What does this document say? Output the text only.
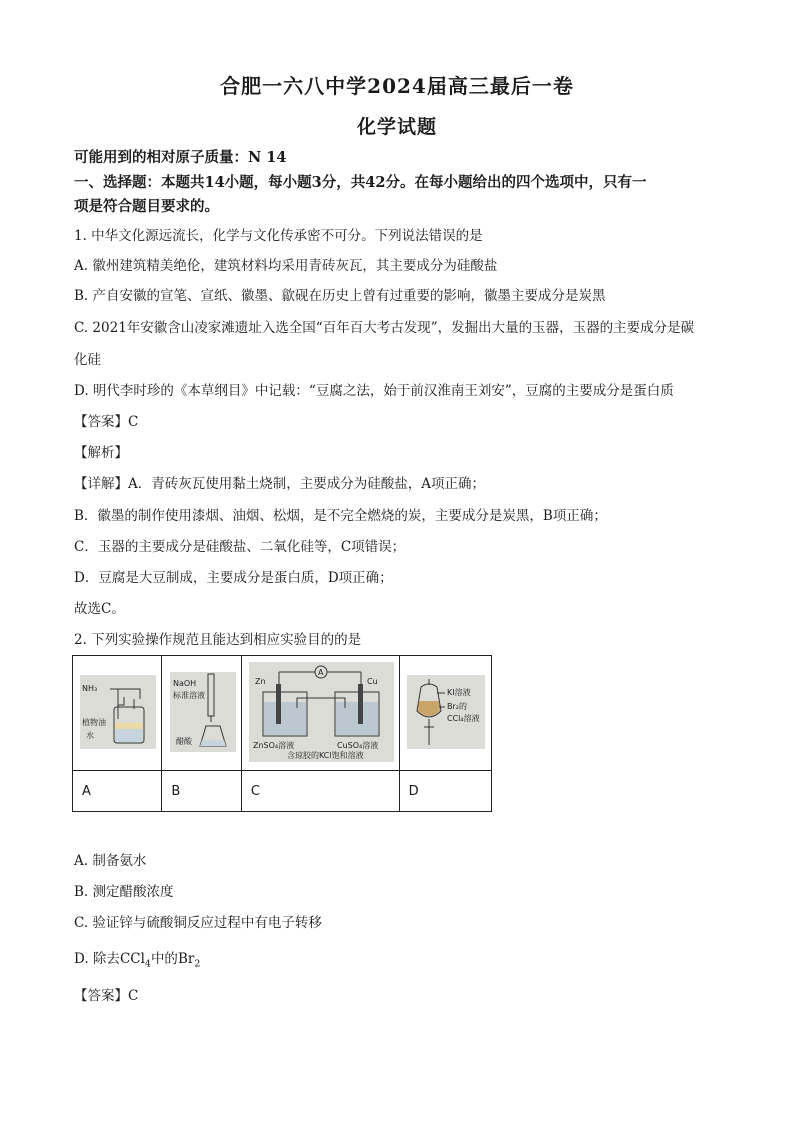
合肥一六八中学2024届高三最后一卷
化学试题
可能用到的相对原子质量：N 14
一、选择题：本题共14小题，每小题3分，共42分。在每小题给出的四个选项中，只有一
项是符合题目要求的。
1. 中华文化源远流长，化学与文化传承密不可分。下列说法错误的是
A. 徽州建筑精美绝伦，建筑材料均采用青砖灰瓦，其主要成分为硅酸盐
B. 产自安徽的宣笔、宣纸、徽墨、歙砚在历史上曾有过重要的影响，徽墨主要成分是炭黑
C. 2021年安徽含山凌家滩遗址入选全国“百年百大考古发现”，发掘出大量的玉器，玉器的主要成分是碳
化硅
D. 明代李时珍的《本草纲目》中记载：“豆腐之法，始于前汉淮南王刘安”，豆腐的主要成分是蛋白质
【答案】C
【解析】
【详解】A．青砖灰瓦使用黏土烧制，主要成分为硅酸盐，A项正确；
B．徽墨的制作使用漆烟、油烟、松烟，是不完全燃烧的炭，主要成分是炭黑，B项正确；
C．玉器的主要成分是硅酸盐、二氧化硅等，C项错误；
D．豆腐是大豆制成，主要成分是蛋白质，D项正确；
故选C。
2. 下列实验操作规范且能达到相应实验目的的是

A	B	C	D
NH₃
植物油
水
NaOH
标准溶液
醋酸
A
Zn	Cu
ZnSO₄溶液	CuSO₄溶液
含琼胶的KCl饱和溶液
KI溶液
Br₂的
CCl₄溶液
A. 制备氨水
B. 测定醋酸浓度
C. 验证锌与硫酸铜反应过程中有电子转移
D. 除去CCl$_4$中的$Br_2$
【答案】C
